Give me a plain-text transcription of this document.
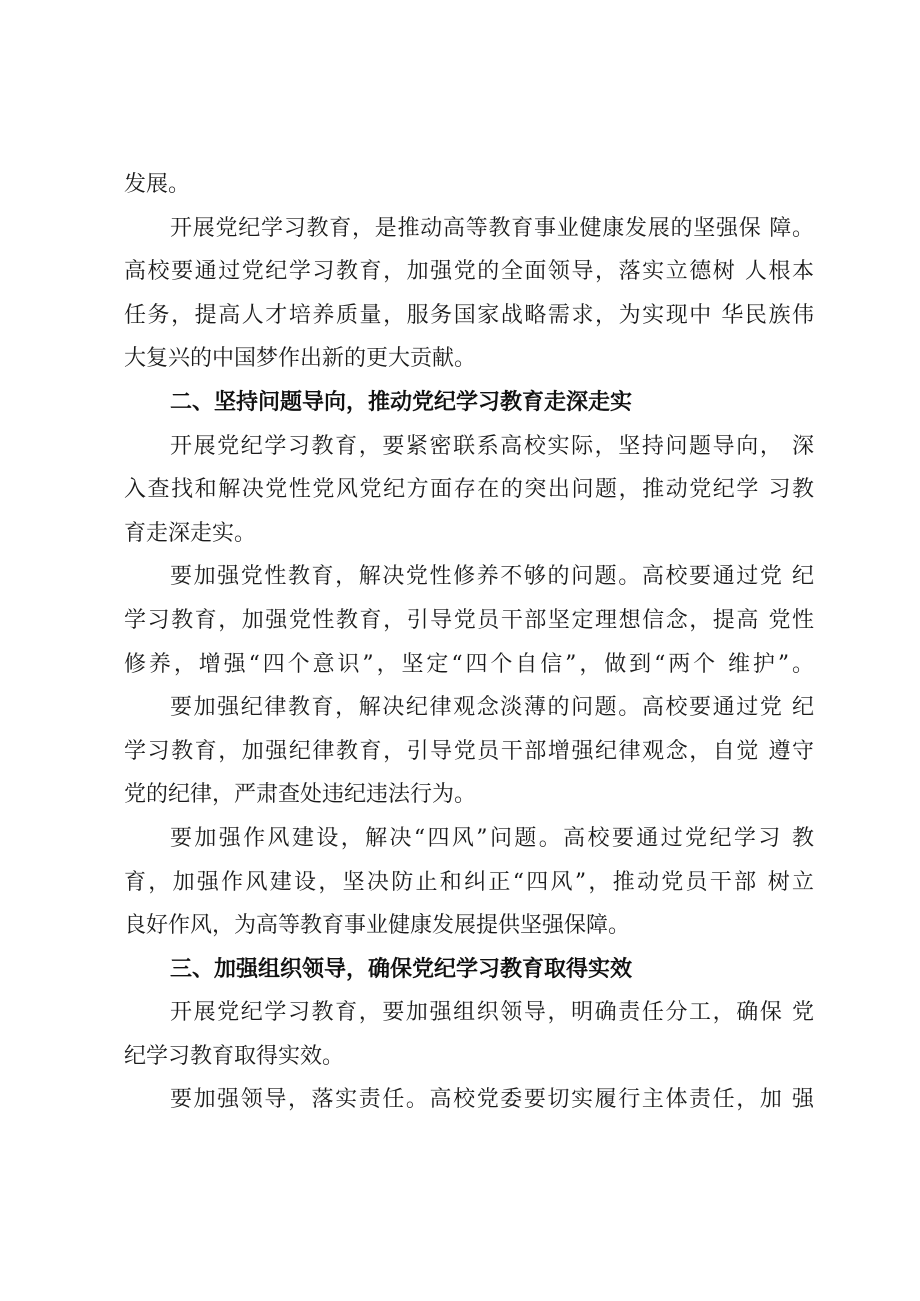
发展。
开展党纪学习教育，是推动高等教育事业健康发展的坚强保 障。
高校要通过党纪学习教育，加强党的全面领导，落实立德树 人根本
任务，提高人才培养质量，服务国家战略需求，为实现中 华民族伟
大复兴的中国梦作出新的更大贡献。
二、坚持问题导向，推动党纪学习教育走深走实
开展党纪学习教育，要紧密联系高校实际，坚持问题导向， 深
入查找和解决党性党风党纪方面存在的突出问题，推动党纪学 习教
育走深走实。
要加强党性教育，解决党性修养不够的问题。高校要通过党 纪
学习教育，加强党性教育，引导党员干部坚定理想信念，提高 党性
修养，增强“四个意识”，坚定“四个自信”，做到“两个 维护”。
要加强纪律教育，解决纪律观念淡薄的问题。高校要通过党 纪
学习教育，加强纪律教育，引导党员干部增强纪律观念，自觉 遵守
党的纪律，严肃查处违纪违法行为。
要加强作风建设，解决“四风”问题。高校要通过党纪学习 教
育，加强作风建设，坚决防止和纠正“四风”，推动党员干部 树立
良好作风，为高等教育事业健康发展提供坚强保障。
三、加强组织领导，确保党纪学习教育取得实效
开展党纪学习教育，要加强组织领导，明确责任分工，确保 党
纪学习教育取得实效。
要加强领导，落实责任。高校党委要切实履行主体责任，加 强
